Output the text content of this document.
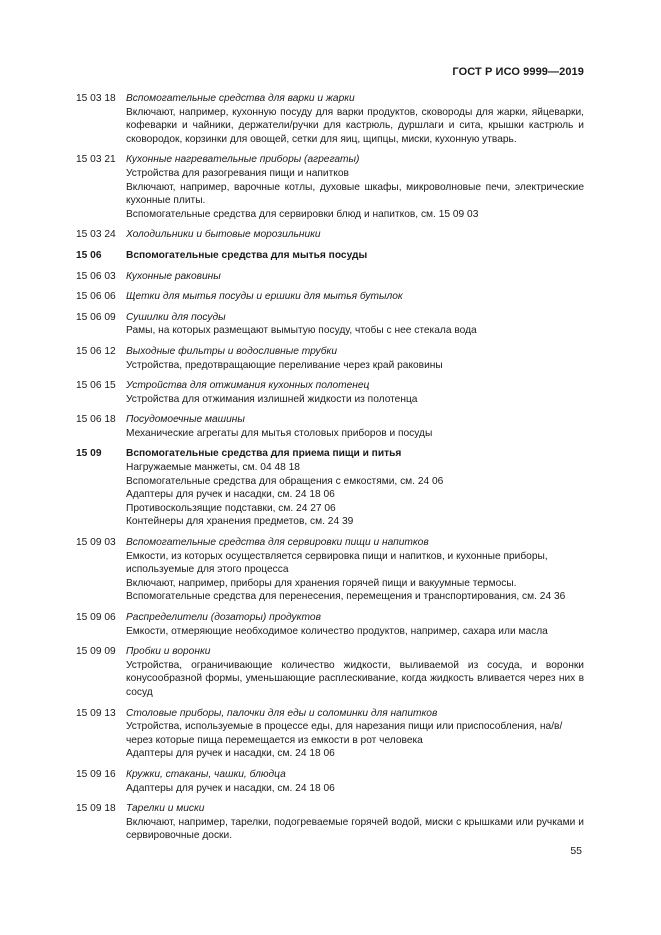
ГОСТ Р ИСО 9999—2019
15 03 18	Вспомогательные средства для варки и жарки

Включают, например, кухонную посуду для варки продуктов, сковороды для жарки, яйцеварки, кофеварки и чайники, держатели/ручки для кастрюль, дуршлаги и сита, крышки кастрюль и сковородок, корзинки для овощей, сетки для яиц, щипцы, миски, кухонную утварь.

15 03 21	Кухонные нагревательные приборы (агрегаты)

Устройства для разогревания пищи и напитков

Включают, например, варочные котлы, духовые шкафы, микроволновые печи, электрические кухонные плиты.

Вспомогательные средства для сервировки блюд и напитков, см. 15 09 03

15 03 24	Холодильники и бытовые морозильники

15 06	Вспомогательные средства для мытья посуды

15 06 03	Кухонные раковины

15 06 06	Щетки для мытья посуды и ершики для мытья бутылок

15 06 09	Сушилки для посуды

Рамы, на которых размещают вымытую посуду, чтобы с нее стекала вода

15 06 12	Выходные фильтры и водосливные трубки

Устройства, предотвращающие переливание через край раковины

15 06 15	Устройства для отжимания кухонных полотенец

Устройства для отжимания излишней жидкости из полотенца

15 06 18	Посудомоечные машины

Механические агрегаты для мытья столовых приборов и посуды

15 09	Вспомогательные средства для приема пищи и питья

Нагружаемые манжеты, см. 04 48 18

Вспомогательные средства для обращения с емкостями, см. 24 06

Адаптеры для ручек и насадки, см. 24 18 06

Противоскользящие подставки, см. 24 27 06

Контейнеры для хранения предметов, см. 24 39

15 09 03	Вспомогательные средства для сервировки пищи и напитков

Емкости, из которых осуществляется сервировка пищи и напитков, и кухонные приборы, используемые для этого процесса

Включают, например, приборы для хранения горячей пищи и вакуумные термосы.

Вспомогательные средства для перенесения, перемещения и транспортирования, см. 24 36

15 09 06	Распределители (дозаторы) продуктов

Емкости, отмеряющие необходимое количество продуктов, например, сахара или масла

15 09 09	Пробки и воронки

Устройства, ограничивающие количество жидкости, выливаемой из сосуда, и воронки конусообразной формы, уменьшающие расплескивание, когда жидкость вливается через них в сосуд

15 09 13	Столовые приборы, палочки для еды и соломинки для напитков

Устройства, используемые в процессе еды, для нарезания пищи или приспособления, на/в/через которые пища перемещается из емкости в рот человека

Адаптеры для ручек и насадки, см. 24 18 06

15 09 16	Кружки, стаканы, чашки, блюдца

Адаптеры для ручек и насадки, см. 24 18 06

15 09 18	Тарелки и миски

Включают, например, тарелки, подогреваемые горячей водой, миски с крышками или ручками и сервировочные доски.

55
